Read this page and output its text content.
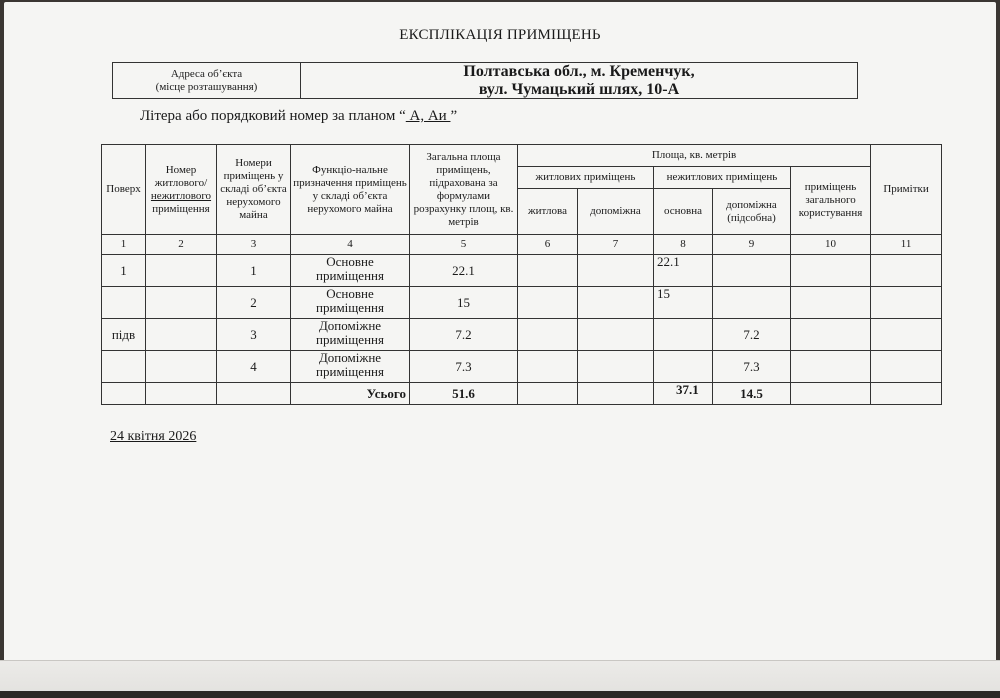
ЕКСПЛІКАЦІЯ ПРИМІЩЕНЬ
Адреса об’єкта
(місце розташування)
Полтавська обл., м. Кременчук,
вул. Чумацький шлях, 10-А
Літера або порядковий номер за планом “ А, Аи ”
Поверх	Номер житлового/
нежитлового
приміщення	Номери приміщень у складі об’єкта нерухомого майна	Функціо-нальне призначення приміщень у складі об’єкта нерухомого майна	Загальна площа приміщень, підрахована за формулами розрахунку площ, кв. метрів	Площа, кв. метрів					Примітки
					житлових приміщень		нежитлових приміщень		приміщень загального користування	
					житлова	допоміжна	основна	допоміжна (підсобна)		
1	2	3	4	5	6	7	8	9	10	11
1		1	Основне приміщення	22.1			22.1			
		2	Основне приміщення	15			15			
підв		3	Допоміжне приміщення	7.2				7.2		
		4	Допоміжне приміщення	7.3				7.3		
			Усього	51.6			37.1	14.5		
24 квітня 2026
